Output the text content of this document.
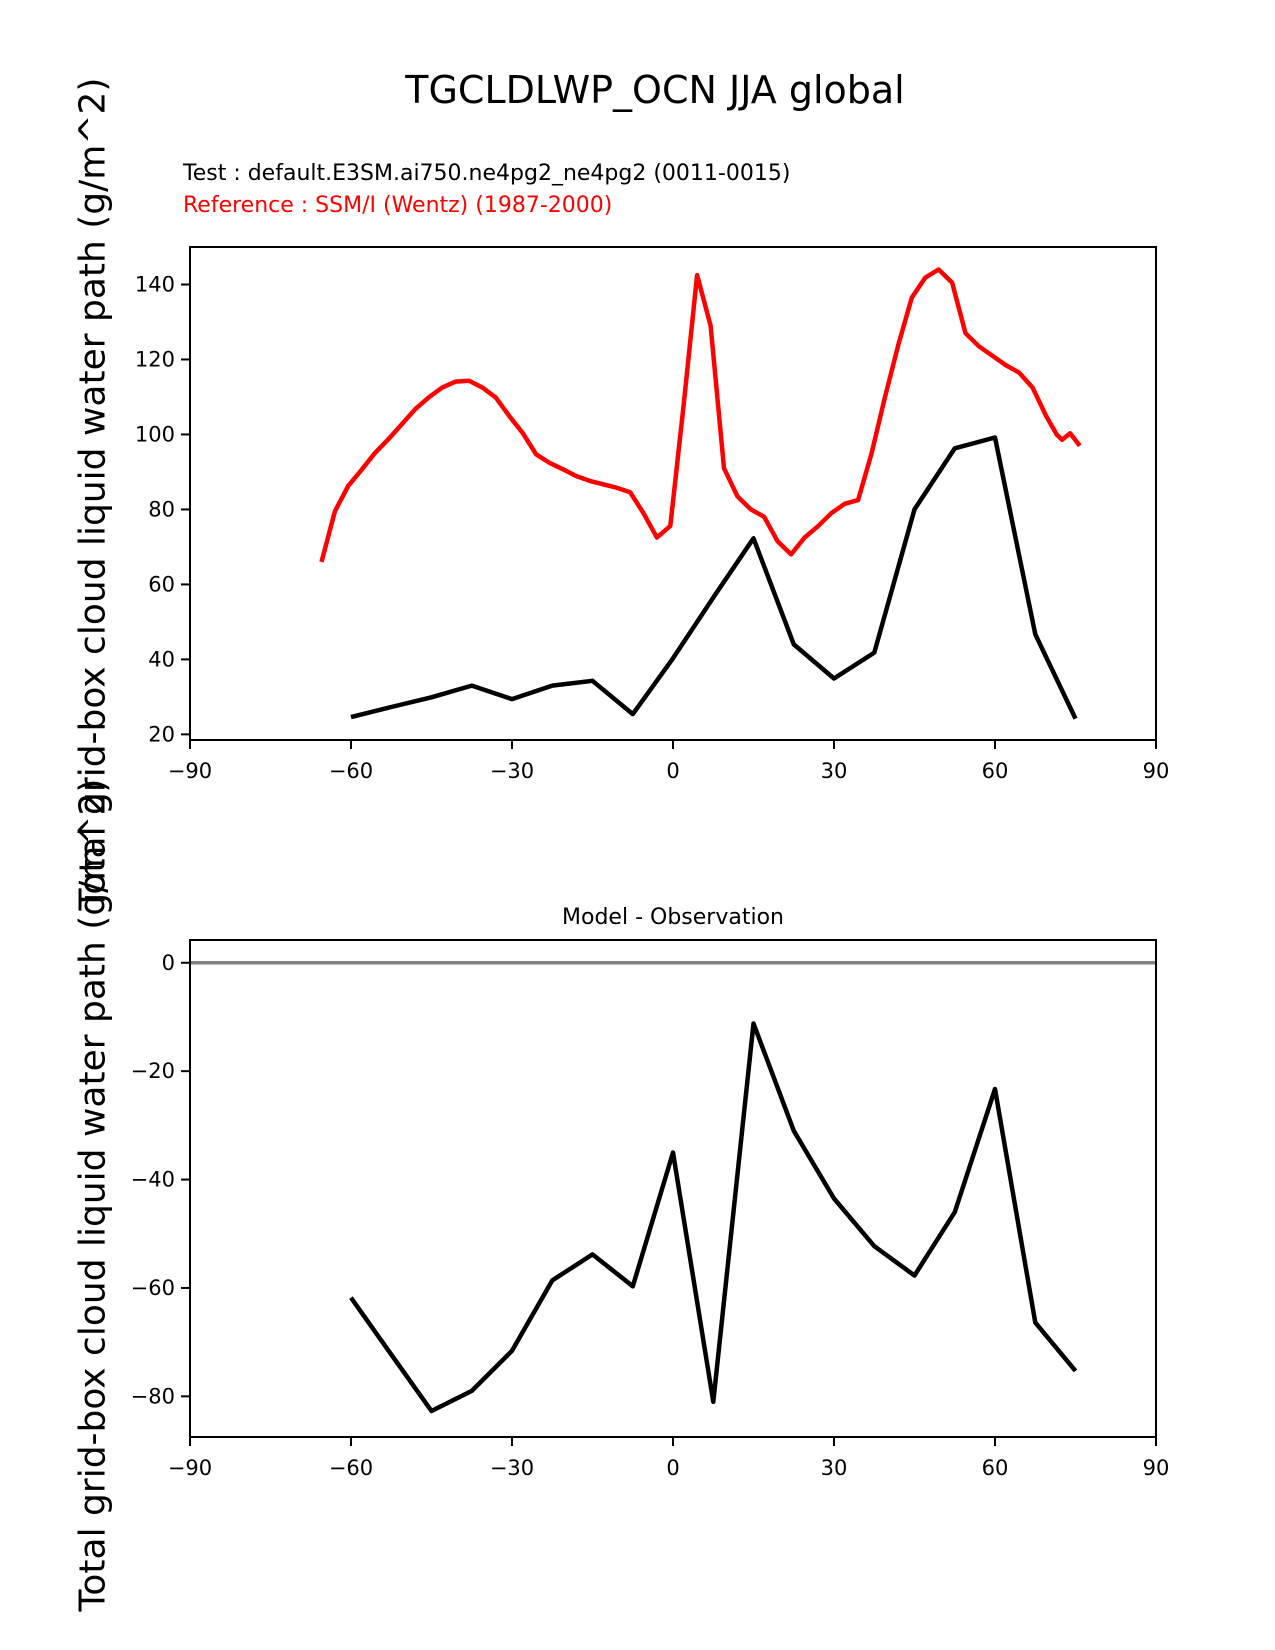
TGCLDLWP_OCN JJA global
Test : default.E3SM.ai750.ne4pg2_ne4pg2 (0011-0015)
Reference : SSM/I (Wentz) (1987-2000)
Total grid-box cloud liquid water path (g/m^2)
Total grid-box cloud liquid water path (g/m^2)	Model - Observation
−90	−60	−30	0	30	60	90
20
40
60
80
100
120
140
−90	−60	−30	0	30	60	90
0
−20
−40
−60
−80
